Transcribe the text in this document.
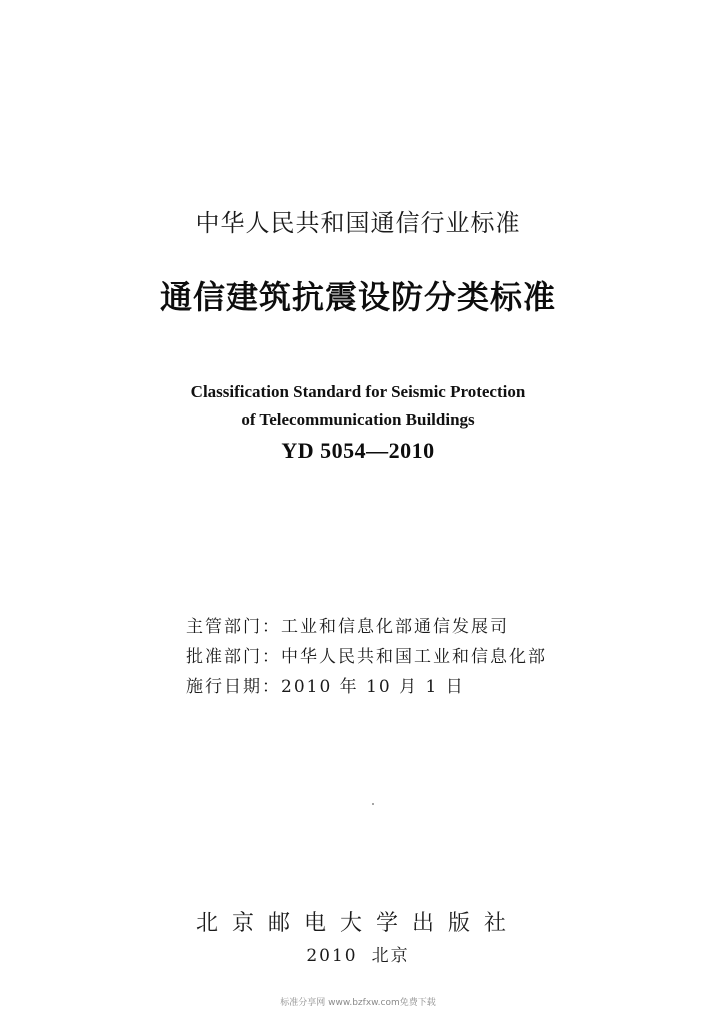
中华人民共和国通信行业标准
通信建筑抗震设防分类标准
Classification Standard for Seismic Protection
of Telecommunication Buildings
YD 5054—2010
主管部门：工业和信息化部通信发展司
批准部门：中华人民共和国工业和信息化部
施行日期：2010 年 10 月 1 日
北京邮电大学出版社
2010 北京
标准分享网 www.bzfxw.com免费下载
